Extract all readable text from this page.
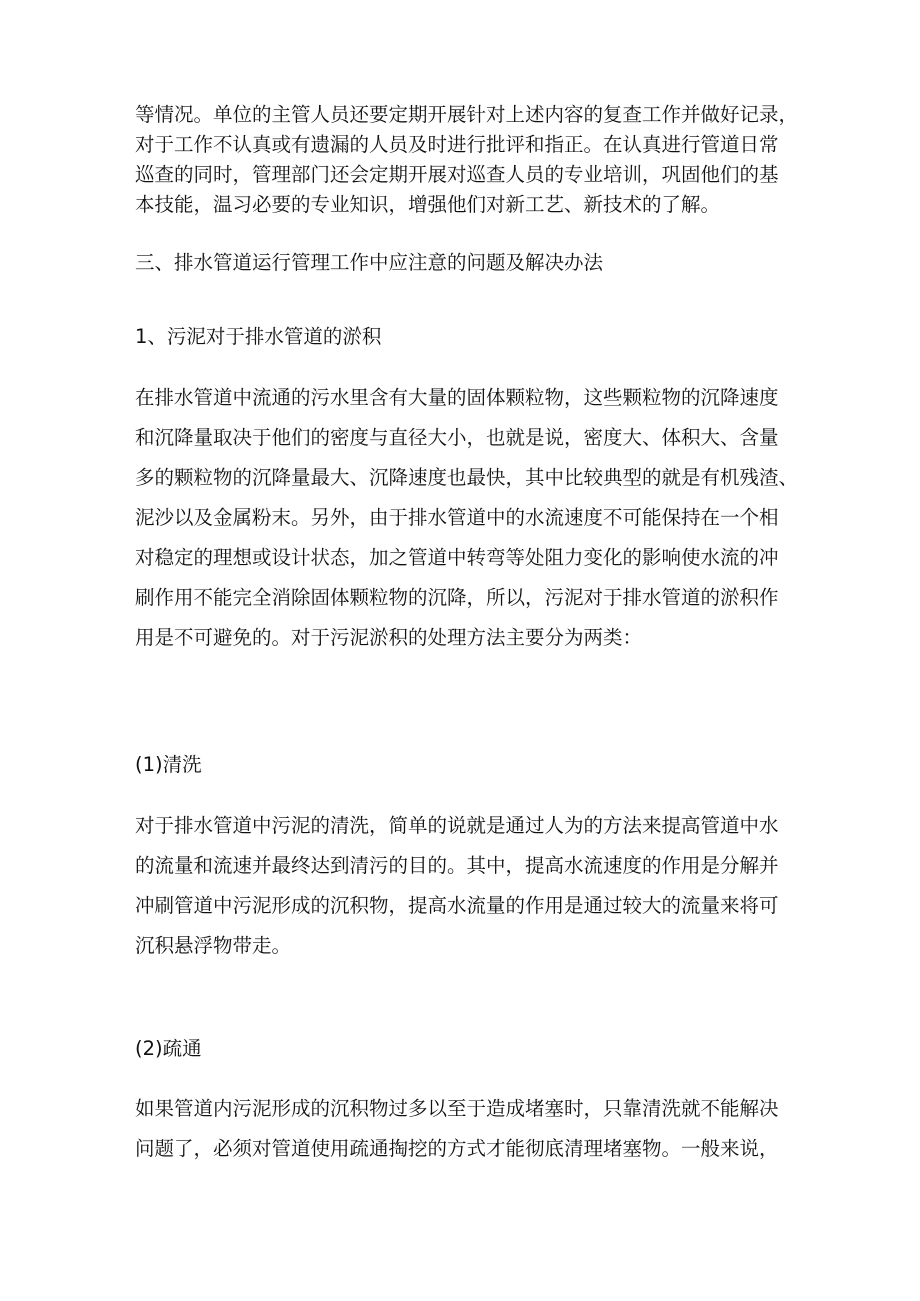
等情况。单位的主管人员还要定期开展针对上述内容的复查工作并做好记录，
对于工作不认真或有遗漏的人员及时进行批评和指正。在认真进行管道日常
巡查的同时，管理部门还会定期开展对巡查人员的专业培训，巩固他们的基
本技能，温习必要的专业知识，增强他们对新工艺、新技术的了解。

三、排水管道运行管理工作中应注意的问题及解决办法

1、污泥对于排水管道的淤积

在排水管道中流通的污水里含有大量的固体颗粒物，这些颗粒物的沉降速度
和沉降量取决于他们的密度与直径大小，也就是说，密度大、体积大、含量
多的颗粒物的沉降量最大、沉降速度也最快，其中比较典型的就是有机残渣、
泥沙以及金属粉末。另外，由于排水管道中的水流速度不可能保持在一个相
对稳定的理想或设计状态，加之管道中转弯等处阻力变化的影响使水流的冲
刷作用不能完全消除固体颗粒物的沉降，所以，污泥对于排水管道的淤积作
用是不可避免的。对于污泥淤积的处理方法主要分为两类：

(1)清洗

对于排水管道中污泥的清洗，简单的说就是通过人为的方法来提高管道中水
的流量和流速并最终达到清污的目的。其中，提高水流速度的作用是分解并
冲刷管道中污泥形成的沉积物，提高水流量的作用是通过较大的流量来将可
沉积悬浮物带走。

(2)疏通

如果管道内污泥形成的沉积物过多以至于造成堵塞时，只靠清洗就不能解决
问题了，必须对管道使用疏通掏挖的方式才能彻底清理堵塞物。一般来说，
